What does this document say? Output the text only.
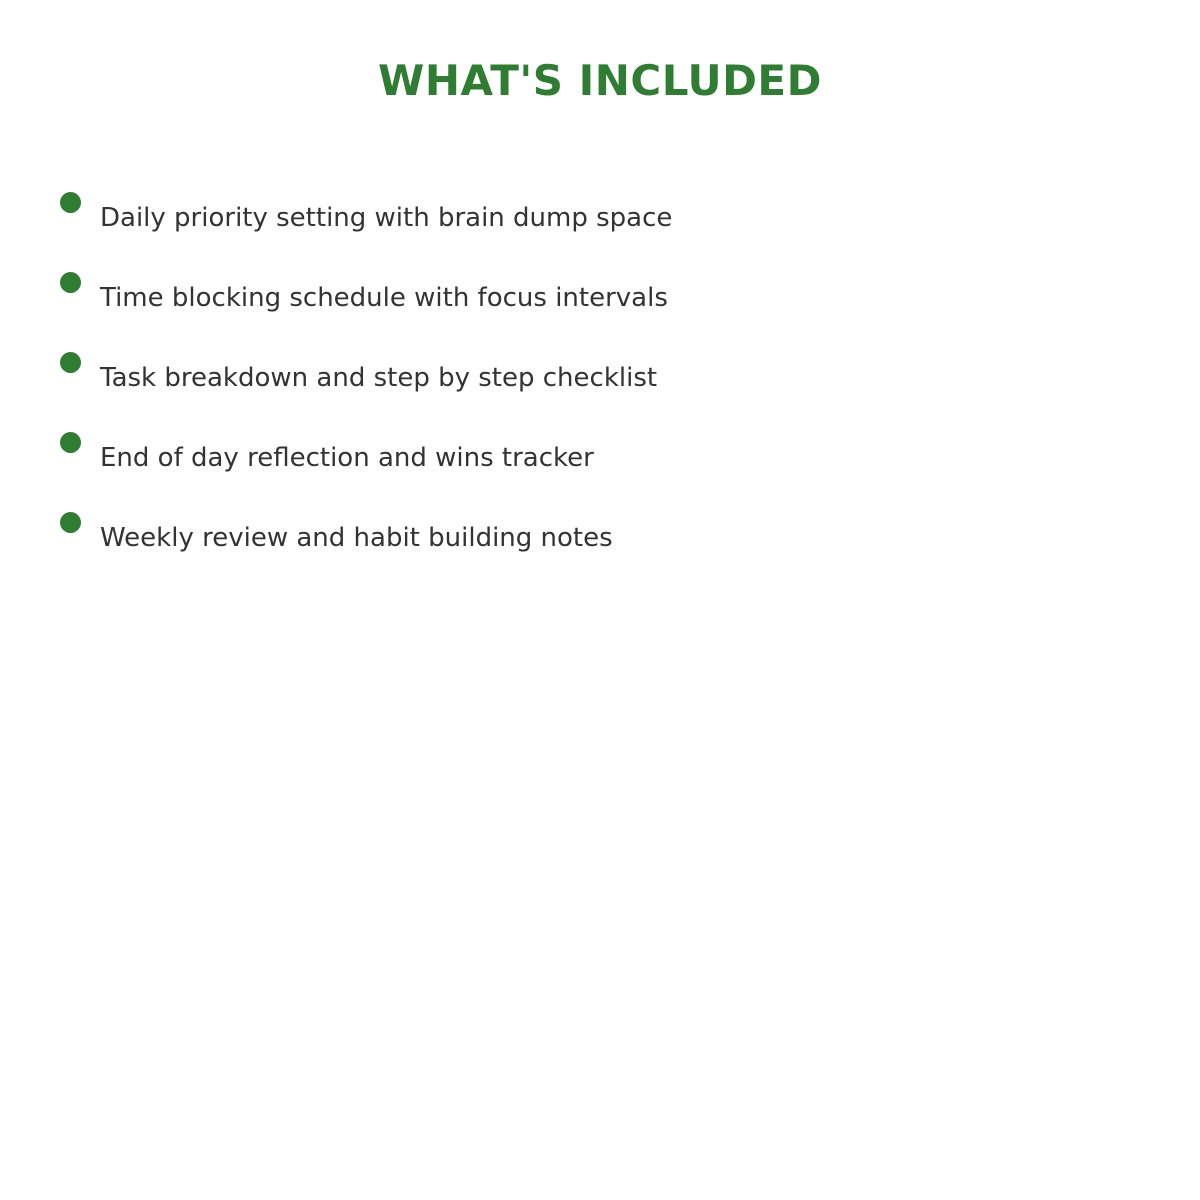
WHAT'S INCLUDED
Daily priority setting with brain dump space
Time blocking schedule with focus intervals
Task breakdown and step by step checklist
End of day reflection and wins tracker
Weekly review and habit building notes
